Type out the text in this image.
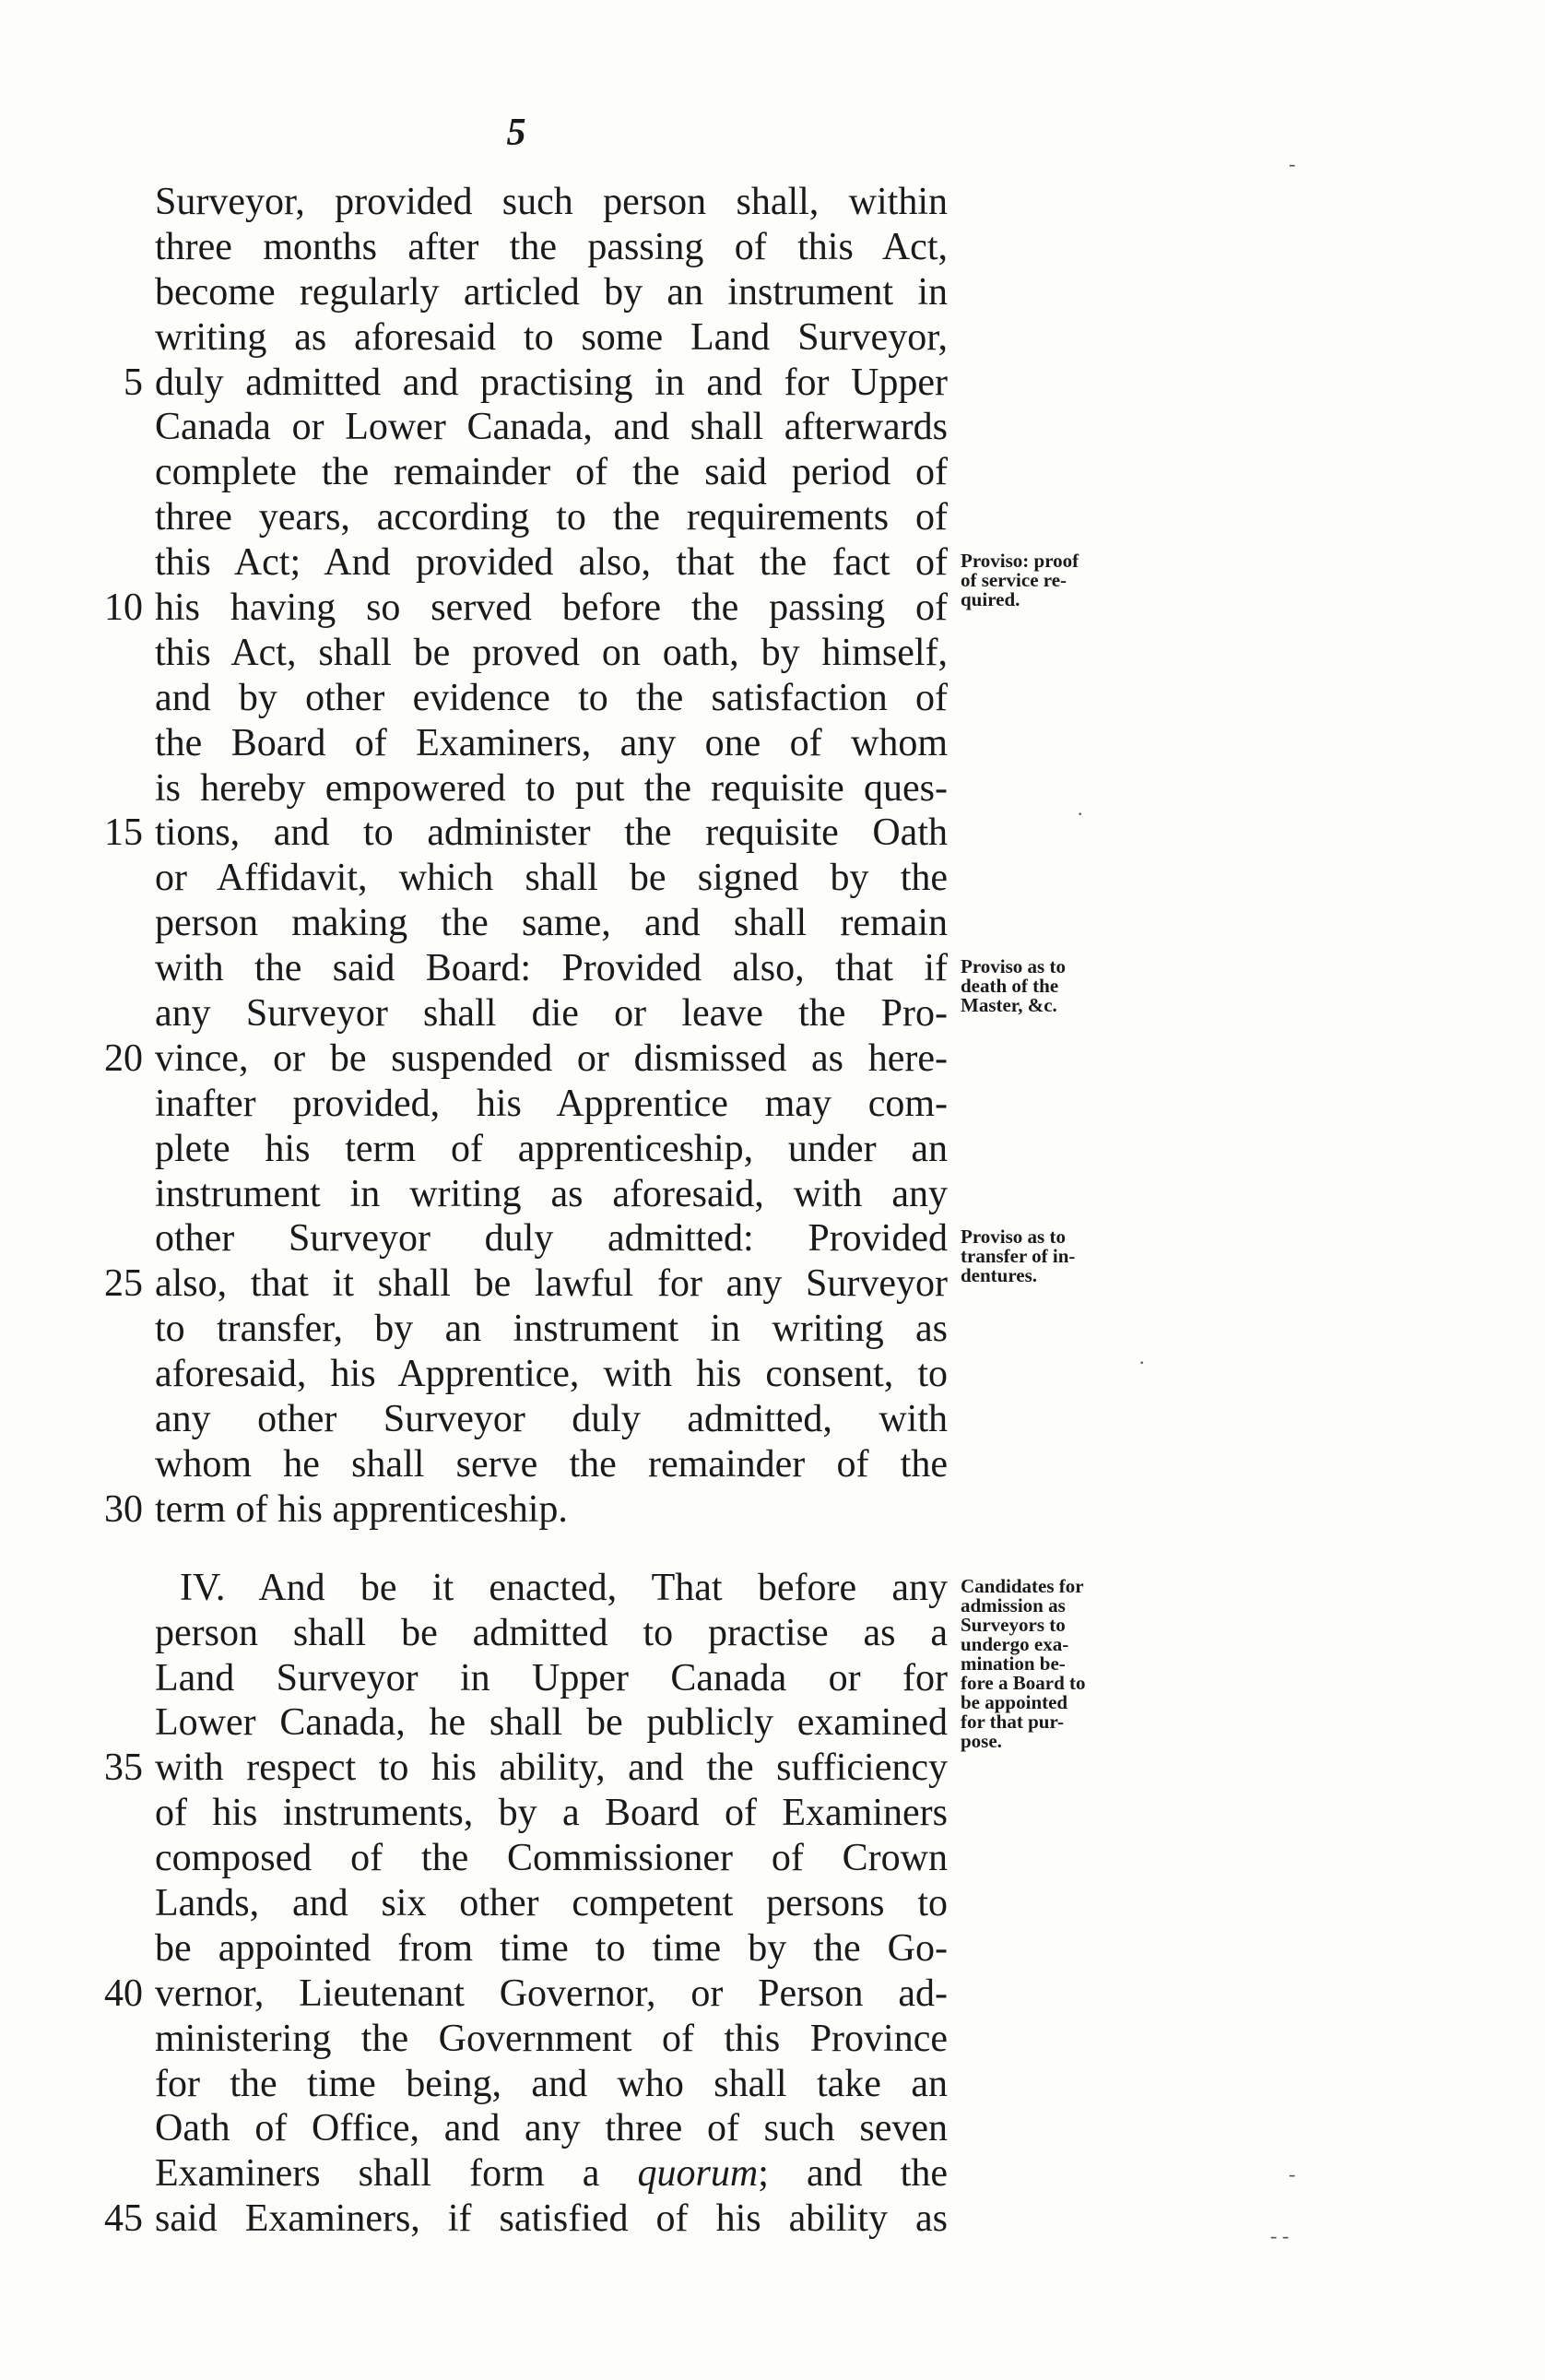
5
Surveyor, provided such person shall, within
three months after the passing of this Act,
become regularly articled by an instrument in
writing as aforesaid to some Land Surveyor,
5 duly admitted and practising in and for Upper
Canada or Lower Canada, and shall afterwards
complete the remainder of the said period of
three years, according to the requirements of
this Act; And provided also, that the fact of Proviso: proof
of service re-
quired.
10 his having so served before the passing of
this Act, shall be proved on oath, by himself,
and by other evidence to the satisfaction of
the Board of Examiners, any one of whom
is hereby empowered to put the requisite ques-
15 tions, and to administer the requisite Oath
or Affidavit, which shall be signed by the
person making the same, and shall remain
with the said Board: Provided also, that if Proviso as to
death of the
Master, &c.
any Surveyor shall die or leave the Pro-
20 vince, or be suspended or dismissed as here-
inafter provided, his Apprentice may com-
plete his term of apprenticeship, under an
instrument in writing as aforesaid, with any
other Surveyor duly admitted: Provided Proviso as to
transfer of in-
dentures.
25 also, that it shall be lawful for any Surveyor
to transfer, by an instrument in writing as
aforesaid, his Apprentice, with his consent, to
any other Surveyor duly admitted, with
whom he shall serve the remainder of the
30 term of his apprenticeship.
IV. And be it enacted, That before any Candidates for
admission as
Surveyors to
undergo exa-
mination be-
fore a Board to
be appointed
for that pur-
pose.
person shall be admitted to practise as a
Land Surveyor in Upper Canada or for
Lower Canada, he shall be publicly examined
35 with respect to his ability, and the sufficiency
of his instruments, by a Board of Examiners
composed of the Commissioner of Crown
Lands, and six other competent persons to
be appointed from time to time by the Go-
40 vernor, Lieutenant Governor, or Person ad-
ministering the Government of this Province
for the time being, and who shall take an
Oath of Office, and any three of such seven
Examiners shall form a quorum; and the
45 said Examiners, if satisfied of his ability as
-
·
·
-
- -
